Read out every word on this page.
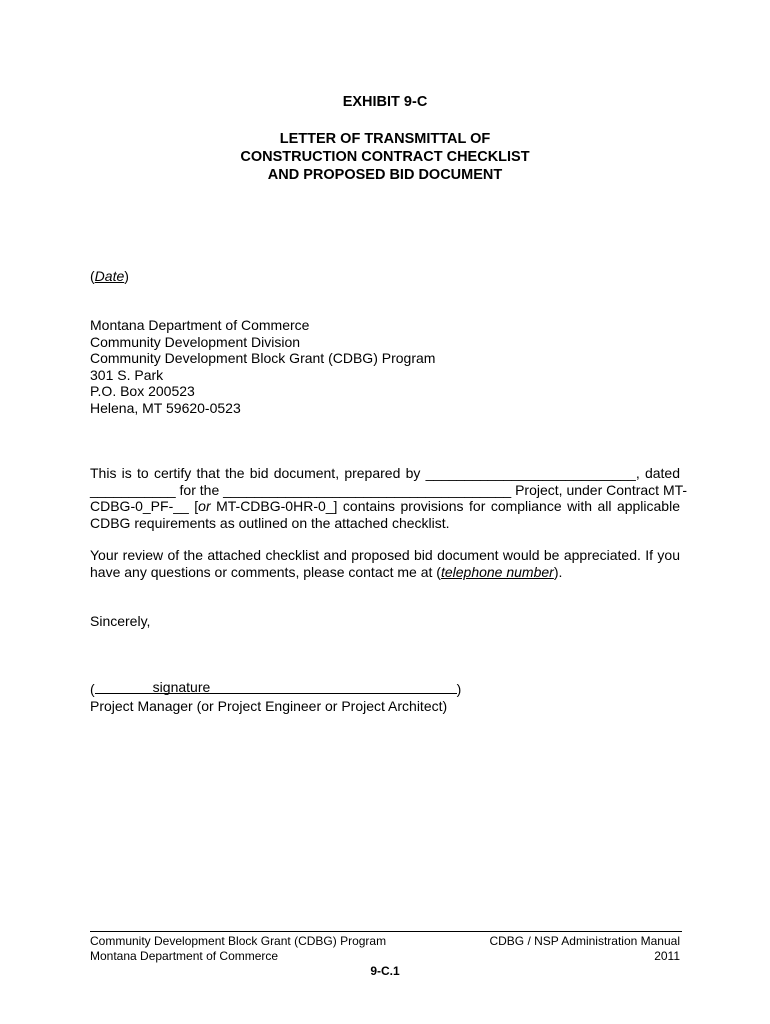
EXHIBIT 9-C
LETTER OF TRANSMITTAL OF
CONSTRUCTION CONTRACT CHECKLIST
AND PROPOSED BID DOCUMENT
(Date)
Montana Department of Commerce
Community Development Division
Community Development Block Grant (CDBG) Program
301 S. Park
P.O. Box 200523
Helena, MT 59620-0523
This is to certify that the bid document, prepared by ___________________________, dated
___________ for the _____________________________________ Project, under Contract MT-
CDBG-0_PF-__ [or MT-CDBG-0HR-0_] contains provisions for compliance with all applicable
CDBG requirements as outlined on the attached checklist.
Your review of the attached checklist and proposed bid document would be appreciated. If you
have any questions or comments, please contact me at (telephone number).
Sincerely,
(	signature	)
Project Manager (or Project Engineer or Project Architect)
Community Development Block Grant (CDBG) Program
Montana Department of Commerce
CDBG / NSP Administration Manual
2011
9-C.1
